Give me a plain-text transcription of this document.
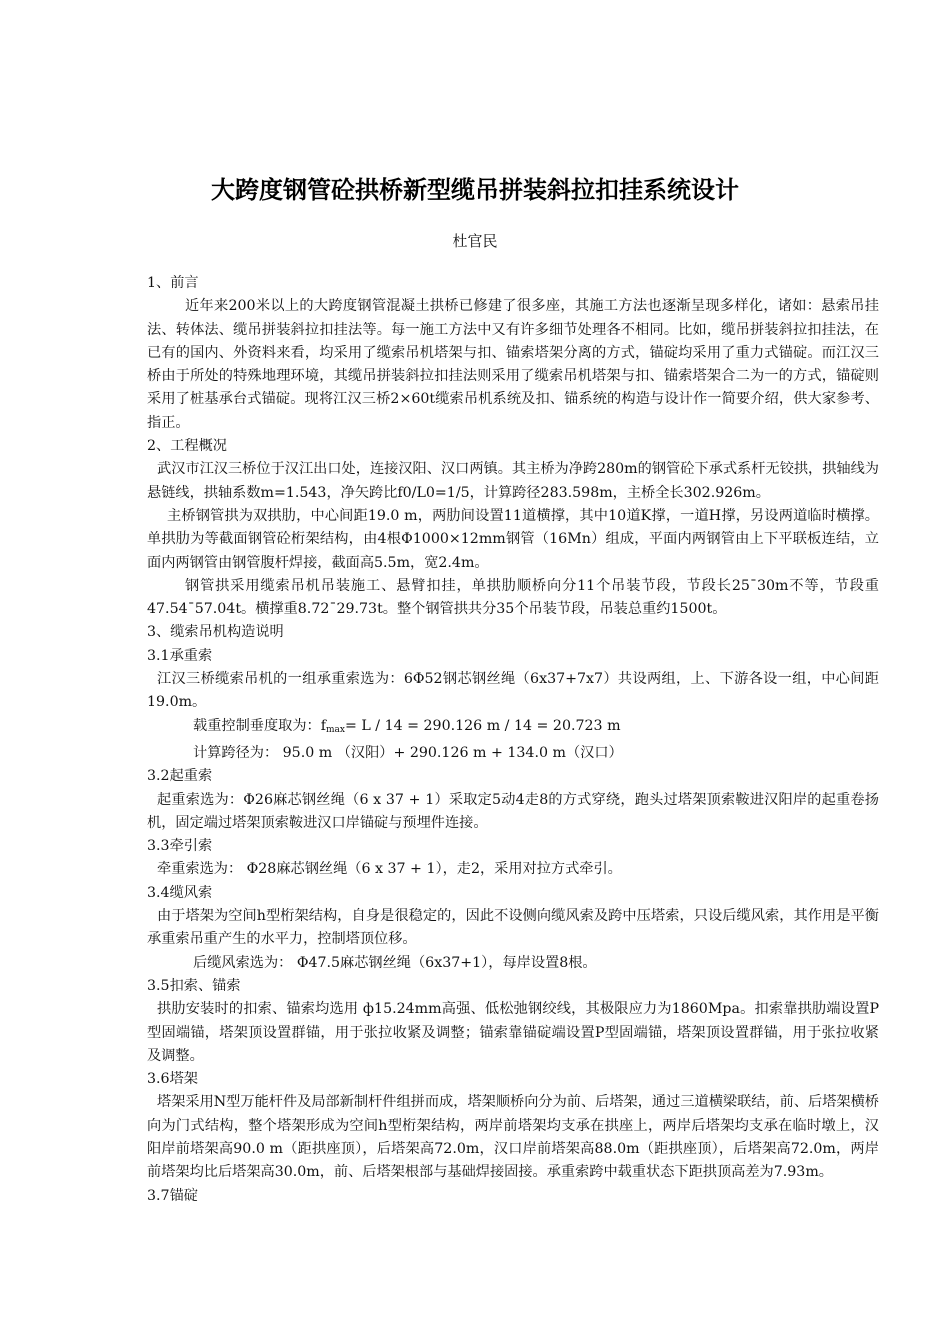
大跨度钢管砼拱桥新型缆吊拼装斜拉扣挂系统设计
杜官民

1、前言

近年来200米以上的大跨度钢管混凝土拱桥已修建了很多座，其施工方法也逐渐呈现多样化，诸如：悬索吊挂法、转体法、缆吊拼装斜拉扣挂法等。每一施工方法中又有许多细节处理各不相同。比如，缆吊拼装斜拉扣挂法，在已有的国内、外资料来看，均采用了缆索吊机塔架与扣、锚索塔架分离的方式，锚碇均采用了重力式锚碇。而江汉三桥由于所处的特殊地理环境，其缆吊拼装斜拉扣挂法则采用了缆索吊机塔架与扣、锚索塔架合二为一的方式，锚碇则采用了桩基承台式锚碇。现将江汉三桥2×60t缆索吊机系统及扣、锚系统的构造与设计作一简要介绍，供大家参考、指正。

2、工程概况

武汉市江汉三桥位于汉江出口处，连接汉阳、汉口两镇。其主桥为净跨280m的钢管砼下承式系杆无铰拱，拱轴线为悬链线，拱轴系数m=1.543，净矢跨比f0/L0=1/5，计算跨径283.598m，主桥全长302.926m。

主桥钢管拱为双拱肋，中心间距19.0 m，两肋间设置11道横撑，其中10道K撑，一道H撑，另设两道临时横撑。单拱肋为等截面钢管砼桁架结构，由4根Φ1000×12mm钢管（16Mn）组成，平面内两钢管由上下平联板连结，立面内两钢管由钢管腹杆焊接，截面高5.5m，宽2.4m。

钢管拱采用缆索吊机吊装施工、悬臂扣挂，单拱肋顺桥向分11个吊装节段，节段长25¯30m不等，节段重47.54¯57.04t。横撑重8.72¯29.73t。整个钢管拱共分35个吊装节段，吊装总重约1500t。

3、缆索吊机构造说明

3.1承重索

江汉三桥缆索吊机的一组承重索选为：6Φ52钢芯钢丝绳（6x37+7x7）共设两组，上、下游各设一组，中心间距19.0m。

载重控制垂度取为：$f_{max}= L / 14 = 290.126$ m / 14 = 20.723 m

计算跨径为： 95.0 m （汉阳）+ 290.126 m + 134.0 m（汉口）

3.2起重索

起重索选为：Φ26麻芯钢丝绳（6 x 37 + 1）采取定5动4走8的方式穿绕，跑头过塔架顶索鞍进汉阳岸的起重卷扬机，固定端过塔架顶索鞍进汉口岸锚碇与预埋件连接。

3.3牵引索

牵重索选为： Φ28麻芯钢丝绳（6 x 37 + 1），走2，采用对拉方式牵引。

3.4缆风索

由于塔架为空间h型桁架结构，自身是很稳定的，因此不设侧向缆风索及跨中压塔索，只设后缆风索，其作用是平衡承重索吊重产生的水平力，控制塔顶位移。

后缆风索选为： Φ47.5麻芯钢丝绳（6x37+1），每岸设置8根。

3.5扣索、锚索

拱肋安装时的扣索、锚索均选用 ф15.24mm高强、低松弛钢绞线，其极限应力为1860Mpa。扣索靠拱肋端设置P型固端锚，塔架顶设置群锚，用于张拉收紧及调整；锚索靠锚碇端设置P型固端锚，塔架顶设置群锚，用于张拉收紧及调整。

3.6塔架

塔架采用N型万能杆件及局部新制杆件组拼而成，塔架顺桥向分为前、后塔架，通过三道横梁联结，前、后塔架横桥向为门式结构，整个塔架形成为空间h型桁架结构，两岸前塔架均支承在拱座上，两岸后塔架均支承在临时墩上，汉阳岸前塔架高90.0 m（距拱座顶），后塔架高72.0m，汉口岸前塔架高88.0m（距拱座顶），后塔架高72.0m，两岸前塔架均比后塔架高30.0m，前、后塔架根部与基础焊接固接。承重索跨中载重状态下距拱顶高差为7.93m。

3.7锚碇
